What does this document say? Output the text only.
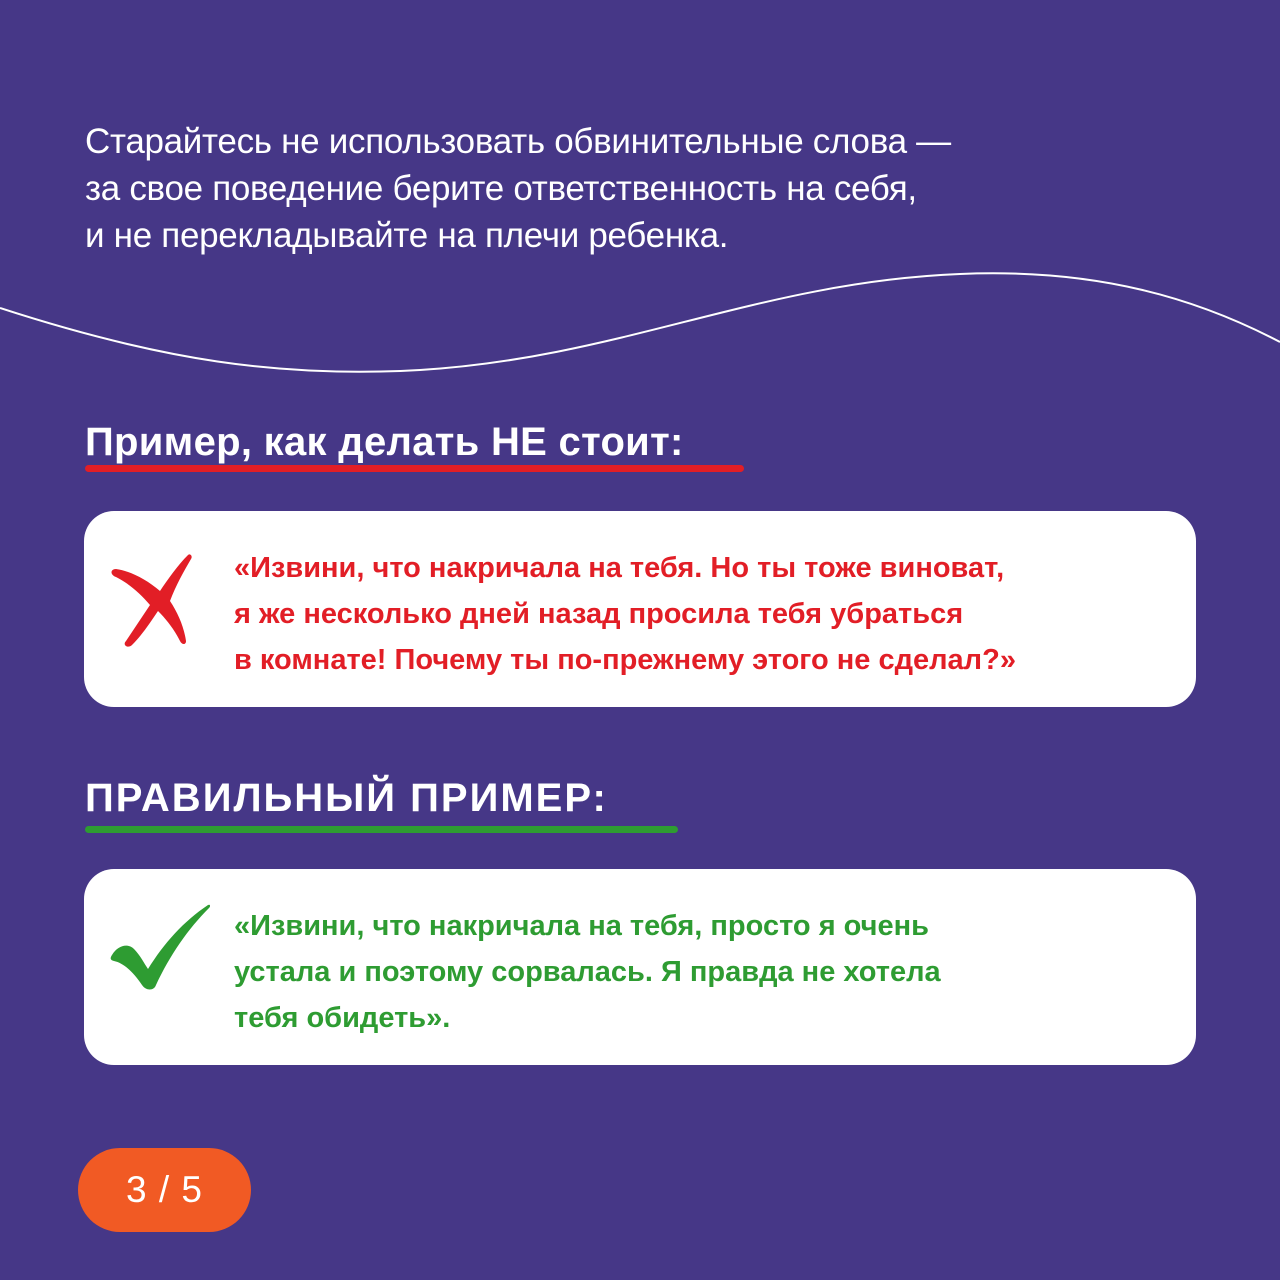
Старайтесь не использовать обвинительные слова —
за свое поведение берите ответственность на себя,
и не перекладывайте на плечи ребенка.
Пример, как делать НЕ стоит:
«Извини, что накричала на тебя. Но ты тоже виноват,
я же несколько дней назад просила тебя убраться
в комнате! Почему ты по-прежнему этого не сделал?»
ПРАВИЛЬНЫЙ ПРИМЕР:
«Извини, что накричала на тебя, просто я очень
устала и поэтому сорвалась. Я правда не хотела
тебя обидеть».
3 / 5
